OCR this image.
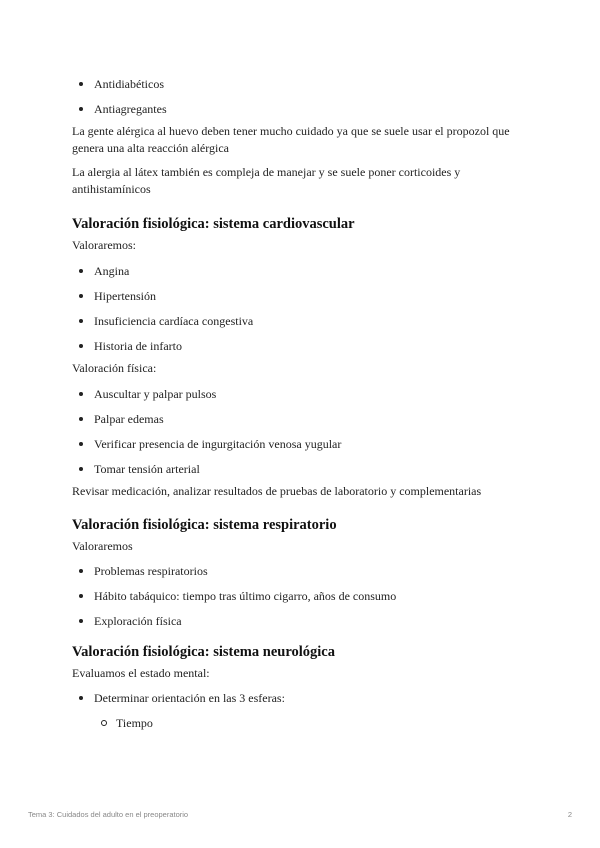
Antidiabéticos
Antiagregantes

La gente alérgica al huevo deben tener mucho cuidado ya que se suele usar el propozol que genera una alta reacción alérgica

La alergia al látex también es compleja de manejar y se suele poner corticoides y antihistamínicos

Valoración fisiológica: sistema cardiovascular

Valoraremos:

Angina
Hipertensión
Insuficiencia cardíaca congestiva
Historia de infarto

Valoración física:

Auscultar y palpar pulsos
Palpar edemas
Verificar presencia de ingurgitación venosa yugular
Tomar tensión arterial

Revisar medicación, analizar resultados de pruebas de laboratorio y complementarias

Valoración fisiológica: sistema respiratorio

Valoraremos

Problemas respiratorios
Hábito tabáquico: tiempo tras último cigarro, años de consumo
Exploración física
Valoración fisiológica: sistema neurológica

Evaluamos el estado mental:

Determinar orientación en las 3 esferas:
Tiempo
Tema 3: Cuidados del adulto en el preoperatorio	2
